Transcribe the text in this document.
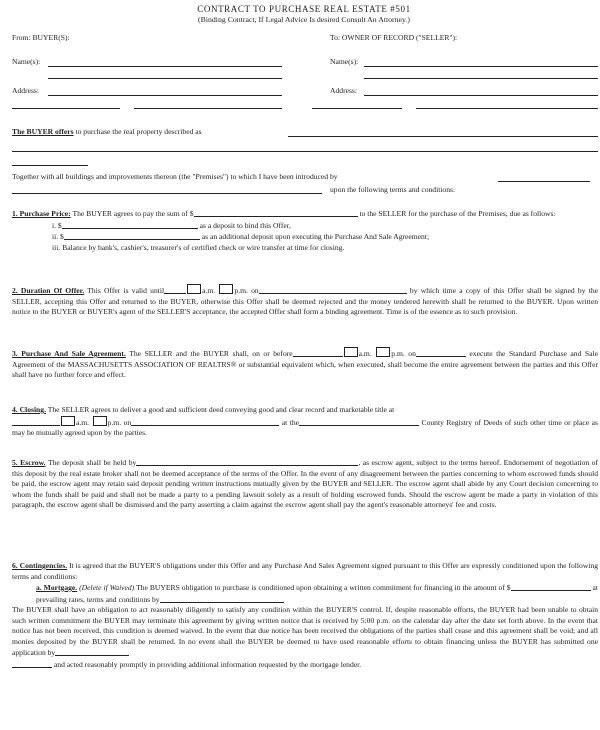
CONTRACT TO PURCHASE REAL ESTATE #501
(Binding Contract, If Legal Advice Is desired Consult An Attorney.)
From: BUYER(S):	To: OWNER OF RECORD ("SELLER"):
Name(s):	Name(s):
Address:	Address:
The BUYER offers to purchase the real property described as
Together with all buildings and improvements thereon (the "Premises") to which I have been introduced by
upon the following terms and conditions:
1. Purchase Price: The BUYER agrees to pay the sum of $	to the SELLER for the purchase of the Premises, due as follows:
i. $	as a deposit to bind this Offer,
ii. $	as an additional deposit upon executing the Purchase And Sale Agreement;
iii. Balance by bank's, cashier's, treasurer's of certified check or wire transfer at time for closing.
2. Duration Of Offer. This Offer is valid until	a.m.	p.m. on	by which time a copy of this Offer shall be signed by the SELLER, accepting this Offer and returned to the BUYER, otherwise this Offer shall be deemed rejected and the money tendered herewith shall be returned to the BUYER. Upon written notice to the BUYER or BUYER's agent of the SELLER'S acceptance, the accepted Offer shall form a binding agreement. Time is of the essence as to such provision.
3. Purchase And Sale Agreement. The SELLER and the BUYER shall, on or before	a.m.	p.m. on	execute the Standard Purchase and Sale Agreement of the MASSACHUSETTS ASSOCIATION OF REALTRS® or substantial equivalent which, when executed, shall become the entire agreement between the parties and this Offer shall have no further force and effect.
4. Closing. The SELLER agrees to deliver a good and sufficient deed conveying good and clear record and marketable title at
a.m. p.m. on	at the	County Registry of Deeds of such other time or place as may be mutually agreed upon by the parties.
5. Escrow. The deposit shall be held by	, as escrow agent, subject to the terms hereof. Endorsement of negotiation of this deposit by the real estate broker shall not be deemed acceptance of the terms of the Offer. In the event of any disagreement between the parties concerning to whom escrowed funds should be paid, the escrow agent may retain said deposit pending written instructions mutually given by the BUYER and SELLER. The escrow agent shall abide by any Court decision concerning to whom the funds shall be paid and shall not be made a party to a pending lawsuit solely as a result of holding escrowed funds. Should the escrow agent be made a party in violation of this paragraph, the escrow agent shall be dismissed and the party asserting a claim against the escrow agent shall pay the agent's reasonable attorneys' fee and costs.
6. Contingencies. It is agreed that the BUYER'S obligations under this Offer and any Purchase And Sales Agreement signed pursuant to this Offer are expressly conditioned upon the following terms and conditions:
a. Mortgage. (Delete if Waived) The BUYERS obligation to purchase is conditioned upon obtaining a written commitment for financing in the amount of $	at prevailing rates, terms and conditions by
The BUYER shall have an obligation to act reasonably diligently to satisfy any condition within the BUYER'S control. If, despite reasonable efforts, the BUYER had been unable to obtain such written commitment the BUYER may terminate this agreement by giving written notice that is received by 5:00 p.m. on the calendar day after the date set forth above. In the event that notice has not been received, this condition is deemed waived. In the event that due notice has been received the obligations of the parties shall cease and this agreement shall be void; and all monies deposited by the BUYER shall be returned. In no event shall the BUYER be deemed to have used reasonable efforts to obtain financing unless the BUYER has submitted one application by
and acted reasonably promptly in providing additional information requested by the mortgage lender.
